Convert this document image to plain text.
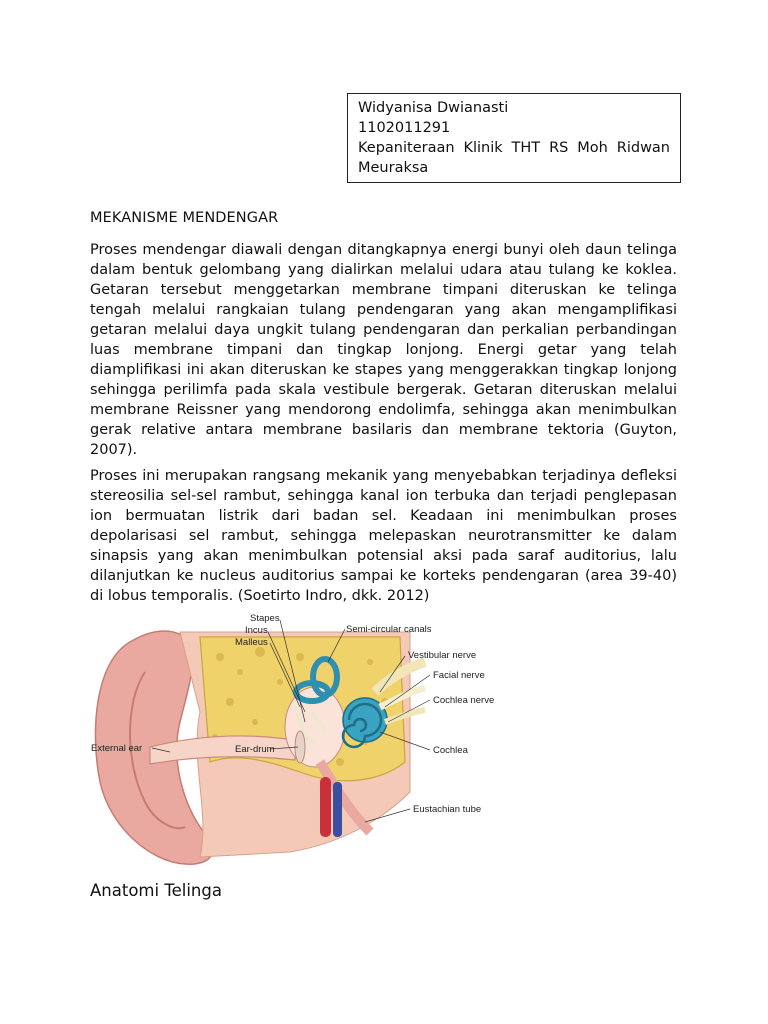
Widyanisa Dwianasti
1102011291
Kepaniteraan Klinik THT RS Moh Ridwan Meuraksa
MEKANISME MENDENGAR

Proses mendengar diawali dengan ditangkapnya energi bunyi oleh daun telinga dalam bentuk gelombang yang dialirkan melalui udara atau tulang ke koklea. Getaran tersebut menggetarkan membrane timpani diteruskan ke telinga tengah melalui rangkaian tulang pendengaran yang akan mengamplifikasi getaran melalui daya ungkit tulang pendengaran dan perkalian perbandingan luas membrane timpani dan tingkap lonjong. Energi getar yang telah diamplifikasi ini akan diteruskan ke stapes yang menggerakkan tingkap lonjong sehingga perilimfa pada skala vestibule bergerak. Getaran diteruskan melalui membrane Reissner yang mendorong endolimfa, sehingga akan menimbulkan gerak relative antara membrane basilaris dan membrane tektoria (Guyton, 2007).

Proses ini merupakan rangsang mekanik yang menyebabkan terjadinya defleksi stereosilia sel-sel rambut, sehingga kanal ion terbuka dan terjadi penglepasan ion bermuatan listrik dari badan sel. Keadaan ini menimbulkan proses depolarisasi sel rambut, sehingga melepaskan neurotransmitter ke dalam sinapsis yang akan menimbulkan potensial aksi pada saraf auditorius, lalu dilanjutkan ke nucleus auditorius sampai ke korteks pendengaran (area 39-40) di lobus temporalis. (Soetirto Indro, dkk. 2012)

Stapes
Incus
Malleus
Semi-circular canals
Vestibular nerve
Facial nerve
Cochlea nerve
External ear	Ear-drum	Cochlea
Eustachian tube
Anatomi Telinga
